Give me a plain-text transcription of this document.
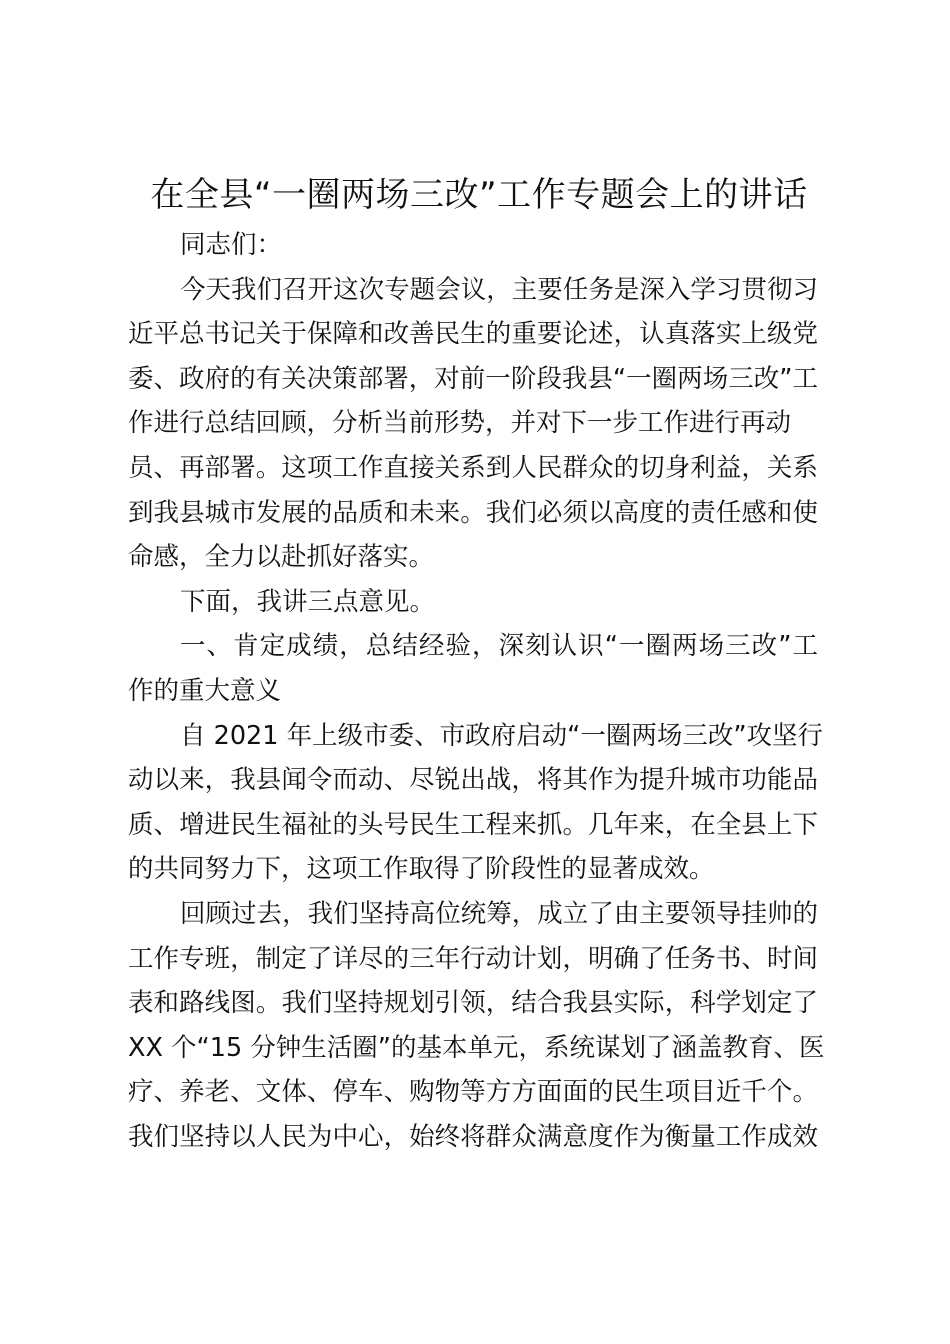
在全县“一圈两场三改”工作专题会上的讲话
同志们：
今天我们召开这次专题会议，主要任务是深入学习贯彻习
近平总书记关于保障和改善民生的重要论述，认真落实上级党
委、政府的有关决策部署，对前一阶段我县“一圈两场三改”工
作进行总结回顾，分析当前形势，并对下一步工作进行再动
员、再部署。这项工作直接关系到人民群众的切身利益，关系
到我县城市发展的品质和未来。我们必须以高度的责任感和使
命感，全力以赴抓好落实。
下面，我讲三点意见。
一、肯定成绩，总结经验，深刻认识“一圈两场三改”工
作的重大意义
自 2021 年上级市委、市政府启动“一圈两场三改”攻坚行
动以来，我县闻令而动、尽锐出战，将其作为提升城市功能品
质、增进民生福祉的头号民生工程来抓。几年来，在全县上下
的共同努力下，这项工作取得了阶段性的显著成效。
回顾过去，我们坚持高位统筹，成立了由主要领导挂帅的
工作专班，制定了详尽的三年行动计划，明确了任务书、时间
表和路线图。我们坚持规划引领，结合我县实际，科学划定了
XX 个“15 分钟生活圈”的基本单元，系统谋划了涵盖教育、医
疗、养老、文体、停车、购物等方方面面的民生项目近千个。
我们坚持以人民为中心，始终将群众满意度作为衡量工作成效
